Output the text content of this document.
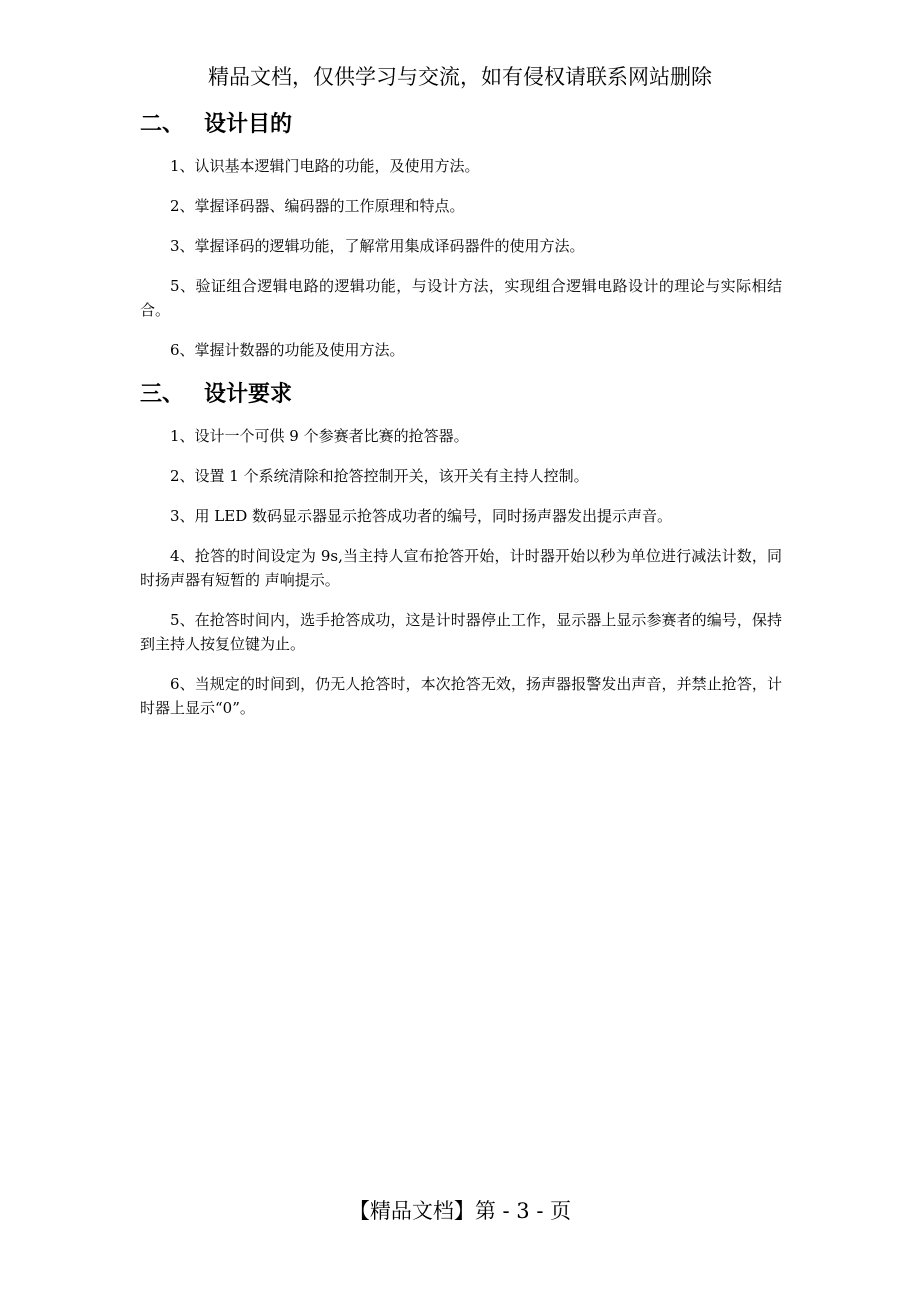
精品文档，仅供学习与交流，如有侵权请联系网站删除
二、 设计目的

1、认识基本逻辑门电路的功能，及使用方法。

2、掌握译码器、编码器的工作原理和特点。

3、掌握译码的逻辑功能，了解常用集成译码器件的使用方法。

5、验证组合逻辑电路的逻辑功能，与设计方法，实现组合逻辑电路设计的理论与实际相结合。

6、掌握计数器的功能及使用方法。

三、 设计要求

1、设计一个可供 9 个参赛者比赛的抢答器。

2、设置 1 个系统清除和抢答控制开关，该开关有主持人控制。

3、用 LED 数码显示器显示抢答成功者的编号，同时扬声器发出提示声音。

4、抢答的时间设定为 9s,当主持人宣布抢答开始，计时器开始以秒为单位进行减法计数，同时扬声器有短暂的 声响提示。

5、在抢答时间内，选手抢答成功，这是计时器停止工作，显示器上显示参赛者的编号，保持到主持人按复位键为止。

6、当规定的时间到，仍无人抢答时，本次抢答无效，扬声器报警发出声音，并禁止抢答，计时器上显示“0”。

【精品文档】第 - 3 - 页
